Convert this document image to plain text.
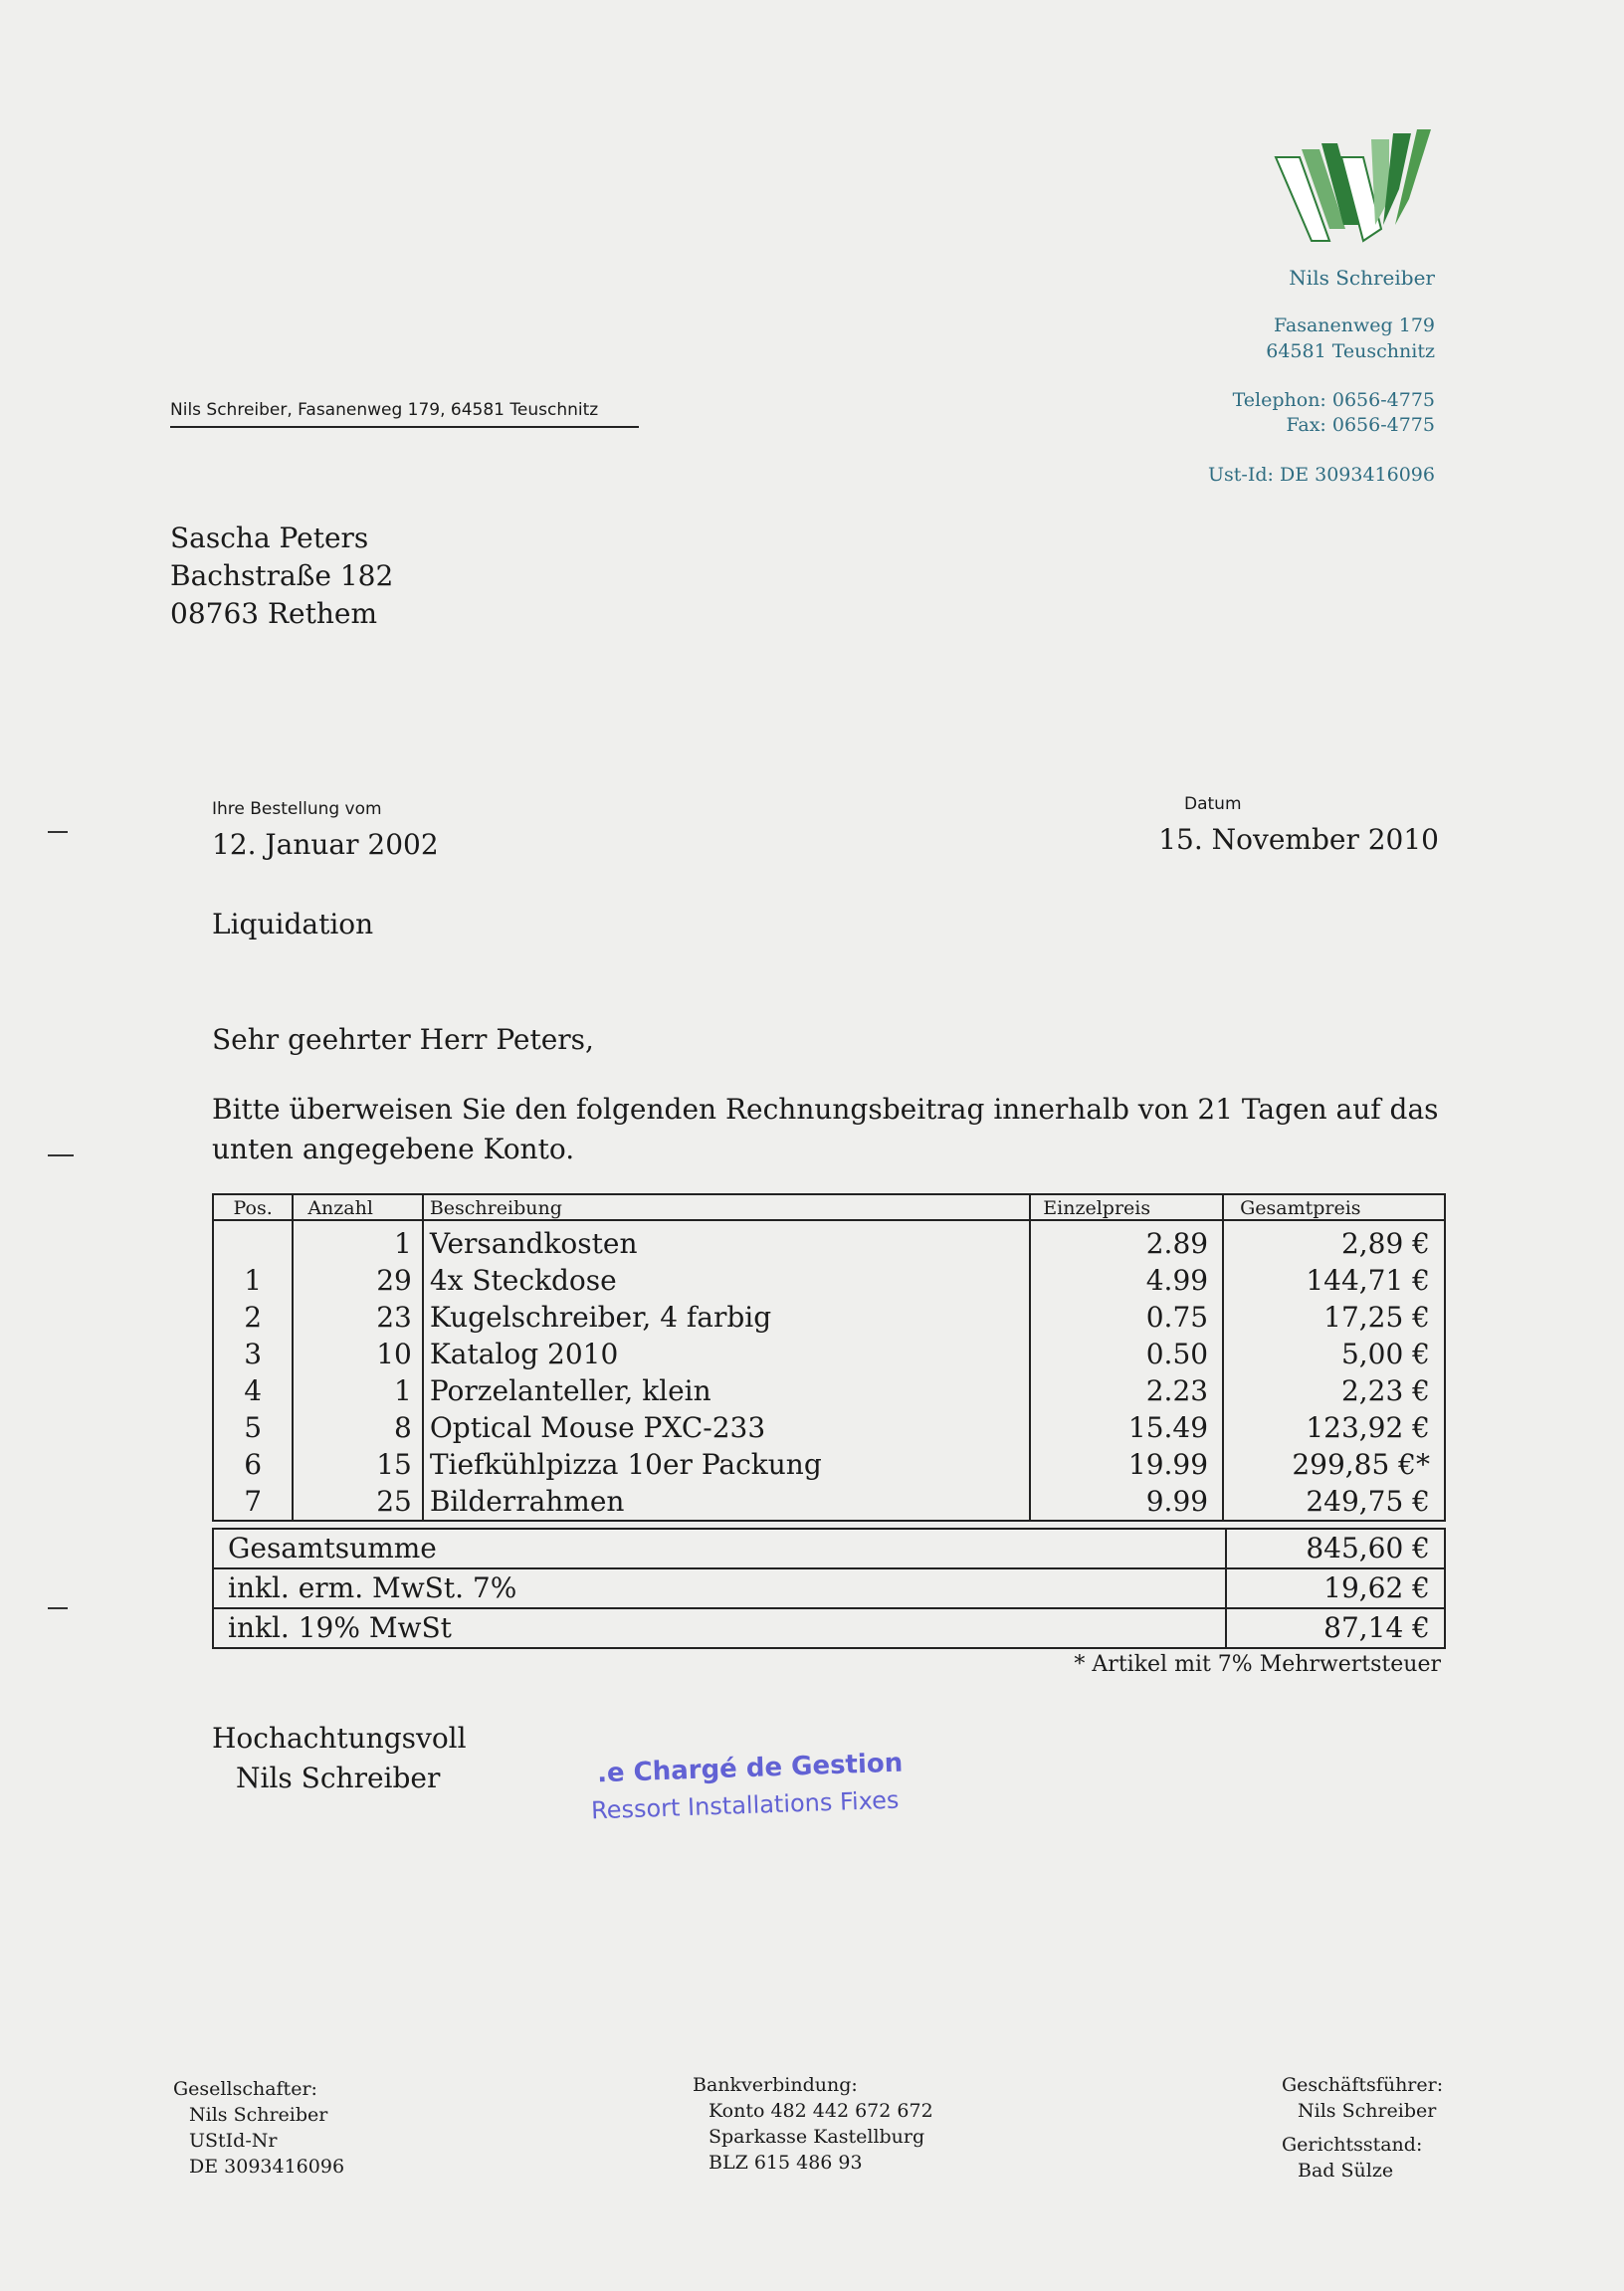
Nils Schreiber
Fasanenweg 179
64581 Teuschnitz
Telephon: 0656-4775
Fax: 0656-4775
Ust-Id: DE 3093416096
Nils Schreiber, Fasanenweg 179, 64581 Teuschnitz
Sascha Peters
Bachstraße 182
08763 Rethem
Ihre Bestellung vom
12. Januar 2002
Datum
15. November 2010
Liquidation
Sehr geehrter Herr Peters,
Bitte überweisen Sie den folgenden Rechnungsbeitrag innerhalb von 21 Tagen auf das
unten angegebene Konto.
Pos.	Anzahl	Beschreibung	Einzelpreis	Gesamtpreis
	1	Versandkosten	2.89	2,89 €
1	29	4x Steckdose	4.99	144,71 €
2	23	Kugelschreiber, 4 farbig	0.75	17,25 €
3	10	Katalog 2010	0.50	5,00 €
4	1	Porzelanteller, klein	2.23	2,23 €
5	8	Optical Mouse PXC-233	15.49	123,92 €
6	15	Tiefkühlpizza 10er Packung	19.99	299,85 €*
7	25	Bilderrahmen	9.99	249,75 €
Gesamtsumme	845,60 €
inkl. erm. MwSt. 7%	19,62 €
inkl. 19% MwSt	87,14 €
* Artikel mit 7% Mehrwertsteuer
Hochachtungsvoll
Nils Schreiber	.e Chargé de Gestion
Ressort Installations Fixes
Gesellschafter:
Nils Schreiber
UStId-Nr
DE 3093416096
Bankverbindung:
Konto 482 442 672 672
Sparkasse Kastellburg
BLZ 615 486 93
Geschäftsführer:
Nils Schreiber
Gerichtsstand:
Bad Sülze
